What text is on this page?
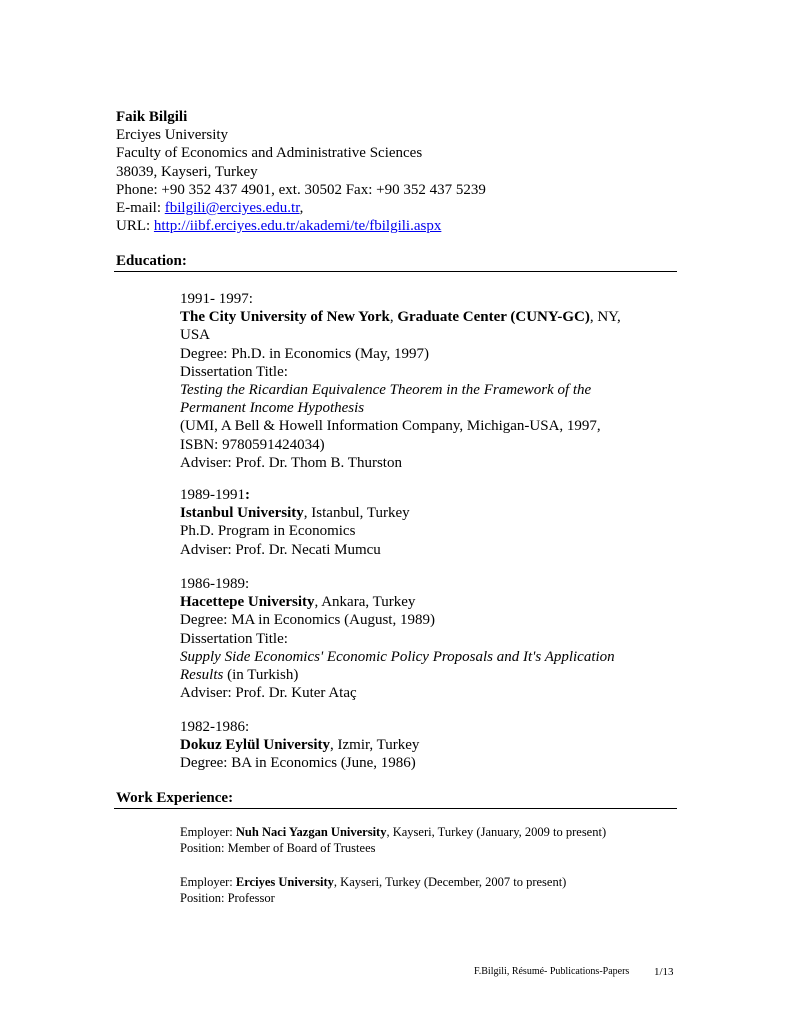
Faik Bilgili
Erciyes University
Faculty of Economics and Administrative Sciences
38039, Kayseri, Turkey
Phone: +90 352 437 4901, ext. 30502 Fax: +90 352 437 5239
E-mail: fbilgili@erciyes.edu.tr,
URL: http://iibf.erciyes.edu.tr/akademi/te/fbilgili.aspx
Education:
1991- 1997:
The City University of New York, Graduate Center (CUNY-GC), NY,
USA
Degree: Ph.D. in Economics (May, 1997)
Dissertation Title:
Testing the Ricardian Equivalence Theorem in the Framework of the
Permanent Income Hypothesis
(UMI, A Bell & Howell Information Company, Michigan-USA, 1997,
ISBN: 9780591424034)
Adviser: Prof. Dr. Thom B. Thurston
1989-1991:
Istanbul University, Istanbul, Turkey
Ph.D. Program in Economics
Adviser: Prof. Dr. Necati Mumcu
1986-1989:
Hacettepe University, Ankara, Turkey
Degree: MA in Economics (August, 1989)
Dissertation Title:
Supply Side Economics' Economic Policy Proposals and It's Application
Results (in Turkish)
Adviser: Prof. Dr. Kuter Ataç
1982-1986:
Dokuz Eylül University, Izmir, Turkey
Degree: BA in Economics (June, 1986)
Work Experience:
Employer: Nuh Naci Yazgan University, Kayseri, Turkey (January, 2009 to present)
Position: Member of Board of Trustees
Employer: Erciyes University, Kayseri, Turkey (December, 2007 to present)
Position: Professor
F.Bilgili, Résumé- Publications-Papers 1/13
